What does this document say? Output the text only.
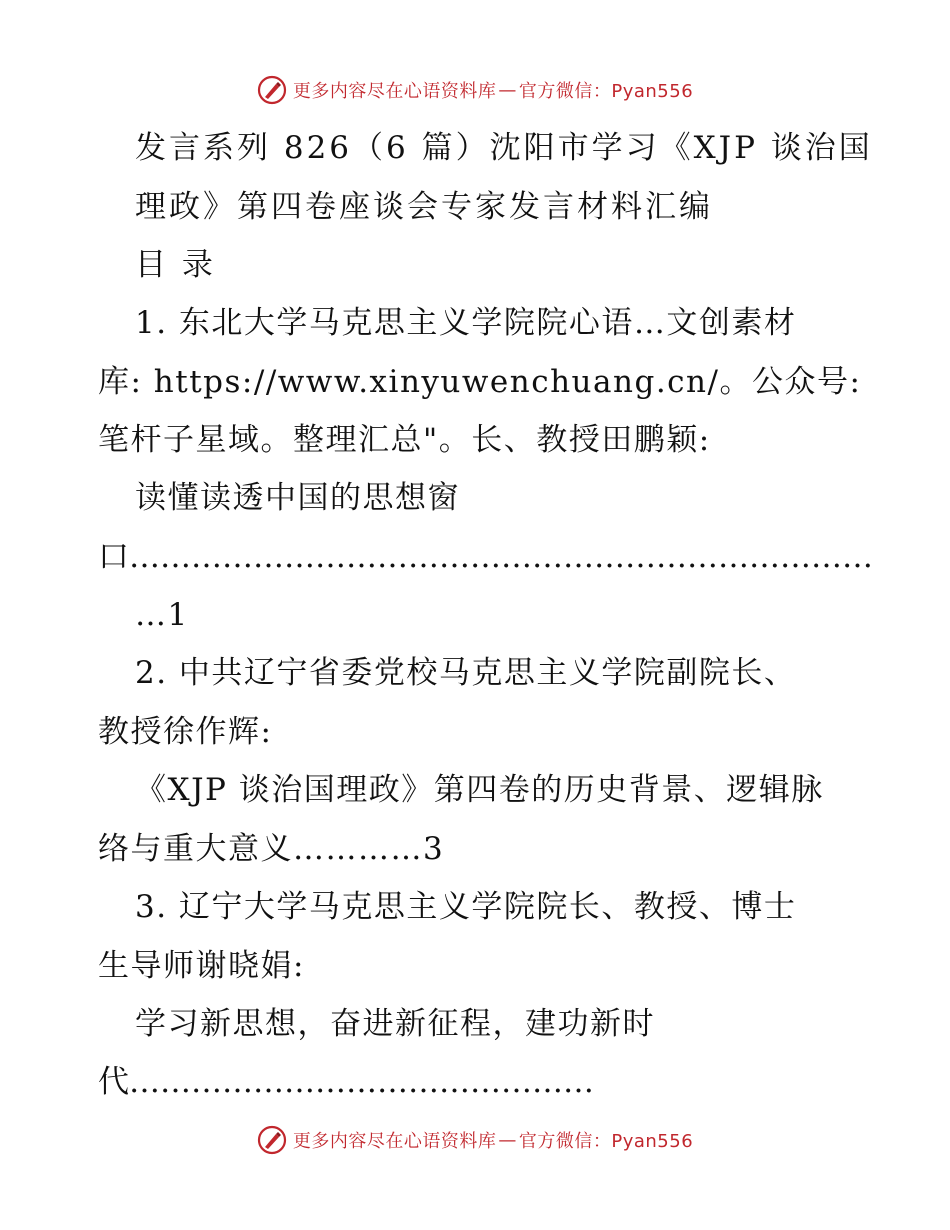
更多内容尽在心语资料库 — 官方微信：Pyan556
发言系列 826（6 篇）沈阳市学习《XJP 谈治国
理政》第四卷座谈会专家发言材料汇编
目 录
1. 东北大学马克思主义学院院心语…文创素材
库: https://www.xinyuwenchuang.cn/。公众号:
笔杆子星域。整理汇总"。长、教授田鹏颖:
读懂读透中国的思想窗
口………………………………………………………………
…1
2. 中共辽宁省委党校马克思主义学院副院长、
教授徐作辉:
《XJP 谈治国理政》第四卷的历史背景、逻辑脉
络与重大意义…………3
3. 辽宁大学马克思主义学院院长、教授、博士
生导师谢晓娟:
学习新思想，奋进新征程，建功新时
代………………………………………
更多内容尽在心语资料库 — 官方微信：Pyan556
